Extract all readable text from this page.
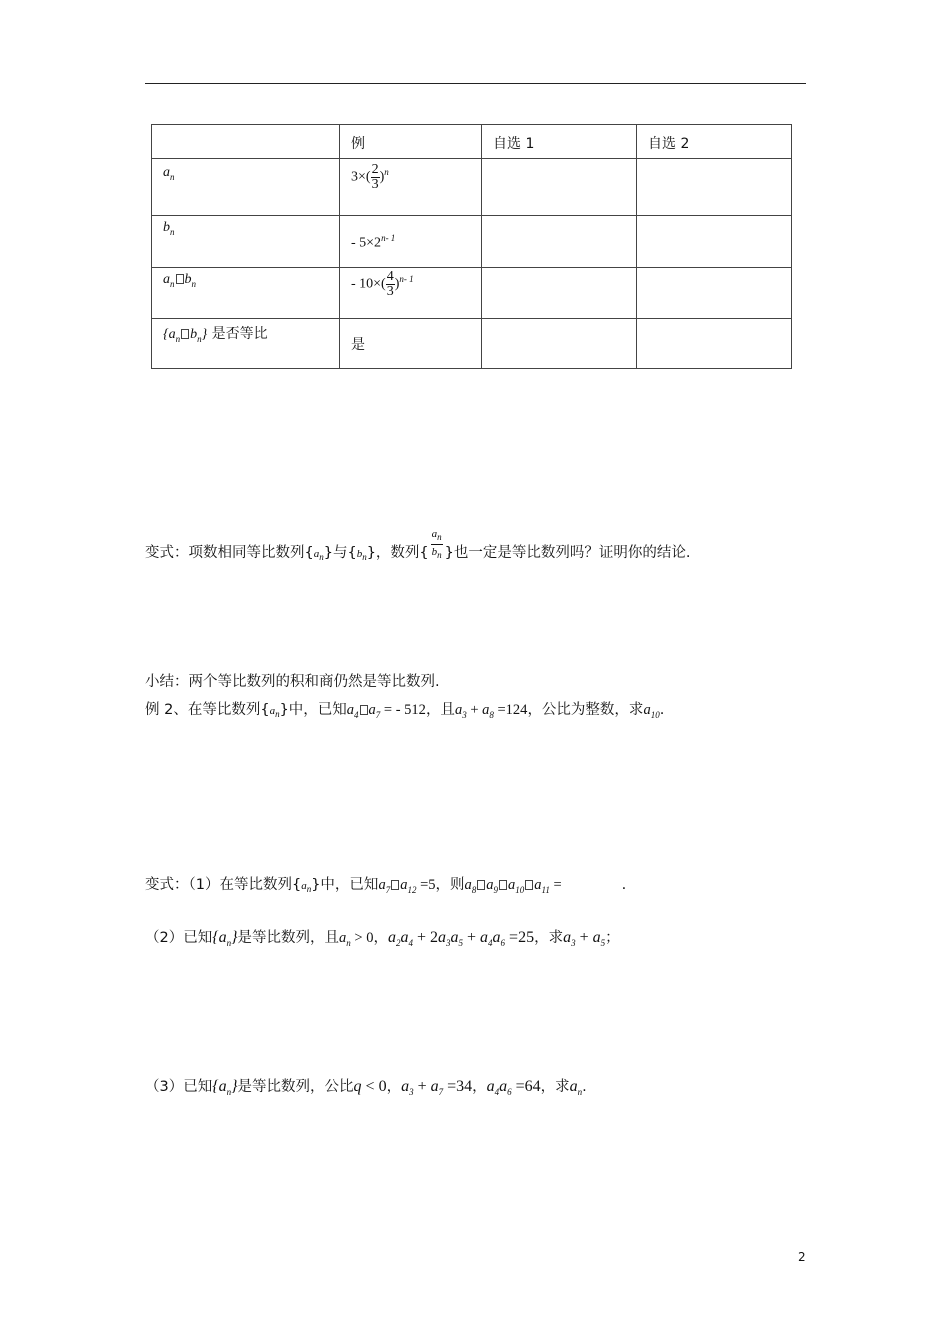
	例	自选 1	自选 2

$a_n$	$3\times( \frac{2}{3} )^n$

$b_n$	- $5\times 2^{n- 1}$

$a_n$ $b_n$	- $10\times( \frac{4}{3} )^{n- 1}$

{$a_n$ $b_n$} 是否等比	是		

变式：项数相同等比数列$\{a_n\}$与$\{b_n\}$，数列{ $\frac{a_n}{b_n}$ }也一定是等比数列吗？证明你的结论.
小结：两个等比数列的积和商仍然是等比数列.
例 2、在等比数列$\{a_n\}$中，已知$a_4$ $a_7$ = - 512，且$a_3 + a_8 =124$，公比为整数，求$a_{10}$.
变式：（1）在等比数列$\{a_n\}$中，已知$a_7$ $a_{12} =5$，则$a_8$ $a_9$ $a_{10}$ $a_{11}$ =	.
（2）已知$\{a_n\}$是等比数列，且$a_n > 0$，$a_2a_4 + 2a_3a_5 + a_4a_6 =25$，求$a_3 + a_5$；
（3）已知$\{a_n\}$是等比数列，公比q < 0，$a_3 + a_7 =34$，$a_4a_6 =64$，求$a_n$.
2
